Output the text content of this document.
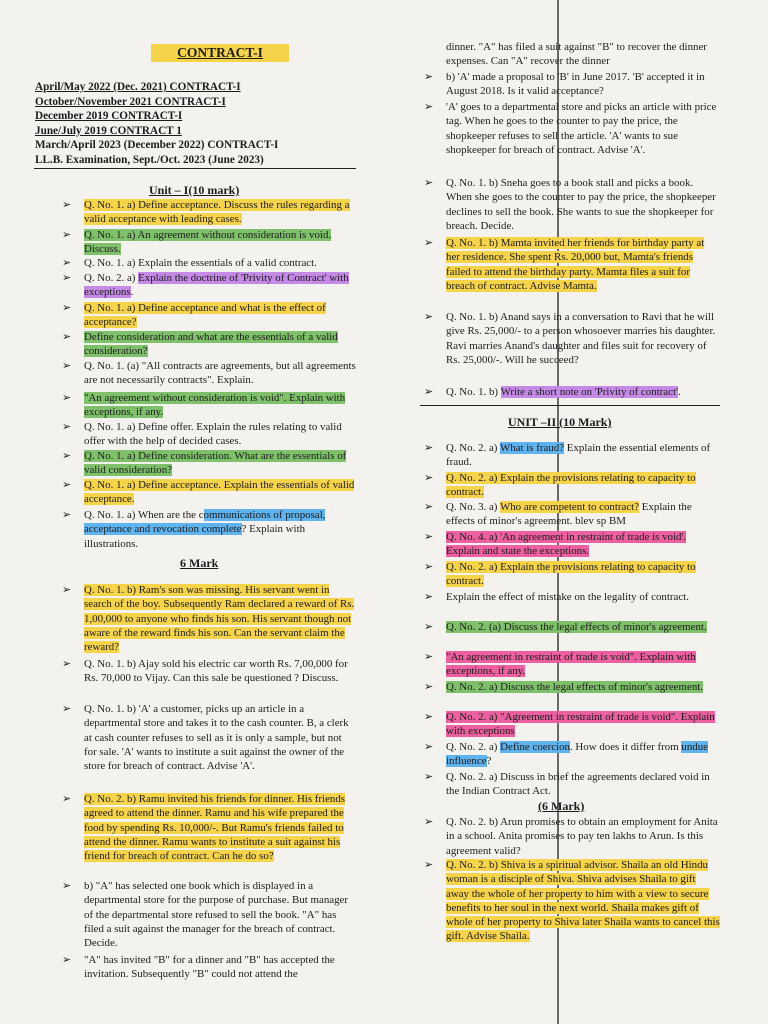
CONTRACT-I
April/May 2022 (Dec. 2021) CONTRACT-I
October/November 2021 CONTRACT-I
December 2019 CONTRACT-I
June/July 2019 CONTRACT 1
March/April 2023 (December 2022) CONTRACT-I
LL.B. Examination, Sept./Oct. 2023 (June 2023)
Unit – I(10 mark)
➢ Q. No. 1. a) Define acceptance. Discuss the rules regarding a valid acceptance with leading cases.
➢ Q. No. 1. a) An agreement without consideration is void. Discuss.
➢ Q. No. 1. a) Explain the essentials of a valid contract.
➢ Q. No. 2. a) Explain the doctrine of 'Privity of Contract' with exceptions.
➢ Q. No. 1. a) Define acceptance and what is the effect of acceptance?
➢ Define consideration and what are the essentials of a valid consideration?
➢ Q. No. 1. (a) "All contracts are agreements, but all agreements are not necessarily contracts". Explain.
➢ "An agreement without consideration is void". Explain with exceptions, if any.
➢ Q. No. 1. a) Define offer. Explain the rules relating to valid offer with the help of decided cases.
➢ Q. No. 1. a) Define consideration. What are the essentials of valid consideration?
➢ Q. No. 1. a) Define acceptance. Explain the essentials of valid acceptance.
➢ Q. No. 1. a) When are the communications of proposal, acceptance and revocation complete? Explain with illustrations.
6 Mark
➢ Q. No. 1. b) Ram's son was missing. His servant went in search of the boy. Subsequently Ram declared a reward of Rs. 1,00,000 to anyone who finds his son. His servant though not aware of the reward finds his son. Can the servant claim the reward?
➢ Q. No. 1. b) Ajay sold his electric car worth Rs. 7,00,000 for Rs. 70,000 to Vijay. Can this sale be questioned ? Discuss.
➢ Q. No. 1. b) 'A' a customer, picks up an article in a departmental store and takes it to the cash counter. B, a clerk at cash counter refuses to sell as it is only a sample, but not for sale. 'A' wants to institute a suit against the owner of the store for breach of contract. Advise 'A'.
➢ Q. No. 2. b) Ramu invited his friends for dinner. His friends agreed to attend the dinner. Ramu and his wife prepared the food by spending Rs. 10,000/-. But Ramu's friends failed to attend the dinner. Ramu wants to institute a suit against his friend for breach of contract. Can he do so?
➢ b) "A" has selected one book which is displayed in a departmental store for the purpose of purchase. But manager of the departmental store refused to sell the book. "A" has filed a suit against the manager for the breach of contract. Decide.
➢ "A" has invited "B" for a dinner and "B" has accepted the invitation. Subsequently "B" could not attend the
dinner. "A" has filed a suit against "B" to recover the dinner expenses. Can "A" recover the dinner
➢ b) 'A' made a proposal to 'B' in June 2017. 'B' accepted it in August 2018. Is it valid acceptance?
➢ 'A' goes to a departmental store and picks an article with price tag. When he goes to the counter to pay the price, the shopkeeper refuses to sell the article. 'A' wants to sue shopkeeper for breach of contract. Advise 'A'.
➢ Q. No. 1. b) Sneha goes to a book stall and picks a book. When she goes to the counter to pay the price, the shopkeeper declines to sell the book. She wants to sue the shopkeeper for breach. Decide.
➢ Q. No. 1. b) Mamta invited her friends for birthday party at her residence. She spent Rs. 20,000 but, Mamta's friends failed to attend the birthday party. Mamta files a suit for breach of contract. Advise Mamta.
➢ Q. No. 1. b) Anand says in a conversation to Ravi that he will give Rs. 25,000/- to a person whosoever marries his daughter. Ravi marries Anand's daughter and files suit for recovery of Rs. 25,000/-. Will he succeed?
➢ Q. No. 1. b) Write a short note on 'Privity of contract'.
UNIT –II (10 Mark)
➢ Q. No. 2. a) What is fraud? Explain the essential elements of fraud.
➢ Q. No. 2. a) Explain the provisions relating to capacity to contract.
➢ Q. No. 3. a) Who are competent to contract? Explain the effects of minor's agreement. blev sp BM
➢ Q. No. 4. a) 'An agreement in restraint of trade is void'. Explain and state the exceptions.
➢ Q. No. 2. a) Explain the provisions relating to capacity to contract.
➢ Explain the effect of mistake on the legality of contract.
➢ Q. No. 2. (a) Discuss the legal effects of minor's agreement.
➢ "An agreement in restraint of trade is void". Explain with exceptions, if any.
➢ Q. No. 2. a) Discuss the legal effects of minor's agreement.
➢ Q. No. 2. a) "Agreement in restraint of trade is void". Explain with exceptions
➢ Q. No. 2. a) Define coercion. How does it differ from undue influence?
➢ Q. No. 2. a) Discuss in brief the agreements declared void in the Indian Contract Act.
(6 Mark)
➢ Q. No. 2. b) Arun promises to obtain an employment for Anita in a school. Anita promises to pay ten lakhs to Arun. Is this agreement valid?
➢ Q. No. 2. b) Shiva is a spiritual advisor. Shaila an old Hindu woman is a disciple of Shiva. Shiva advises Shaila to gift away the whole of her property to him with a view to secure benefits to her soul in the next world. Shaila makes gift of whole of her property to Shiva later Shaila wants to cancel this gift. Advise Shaila.
